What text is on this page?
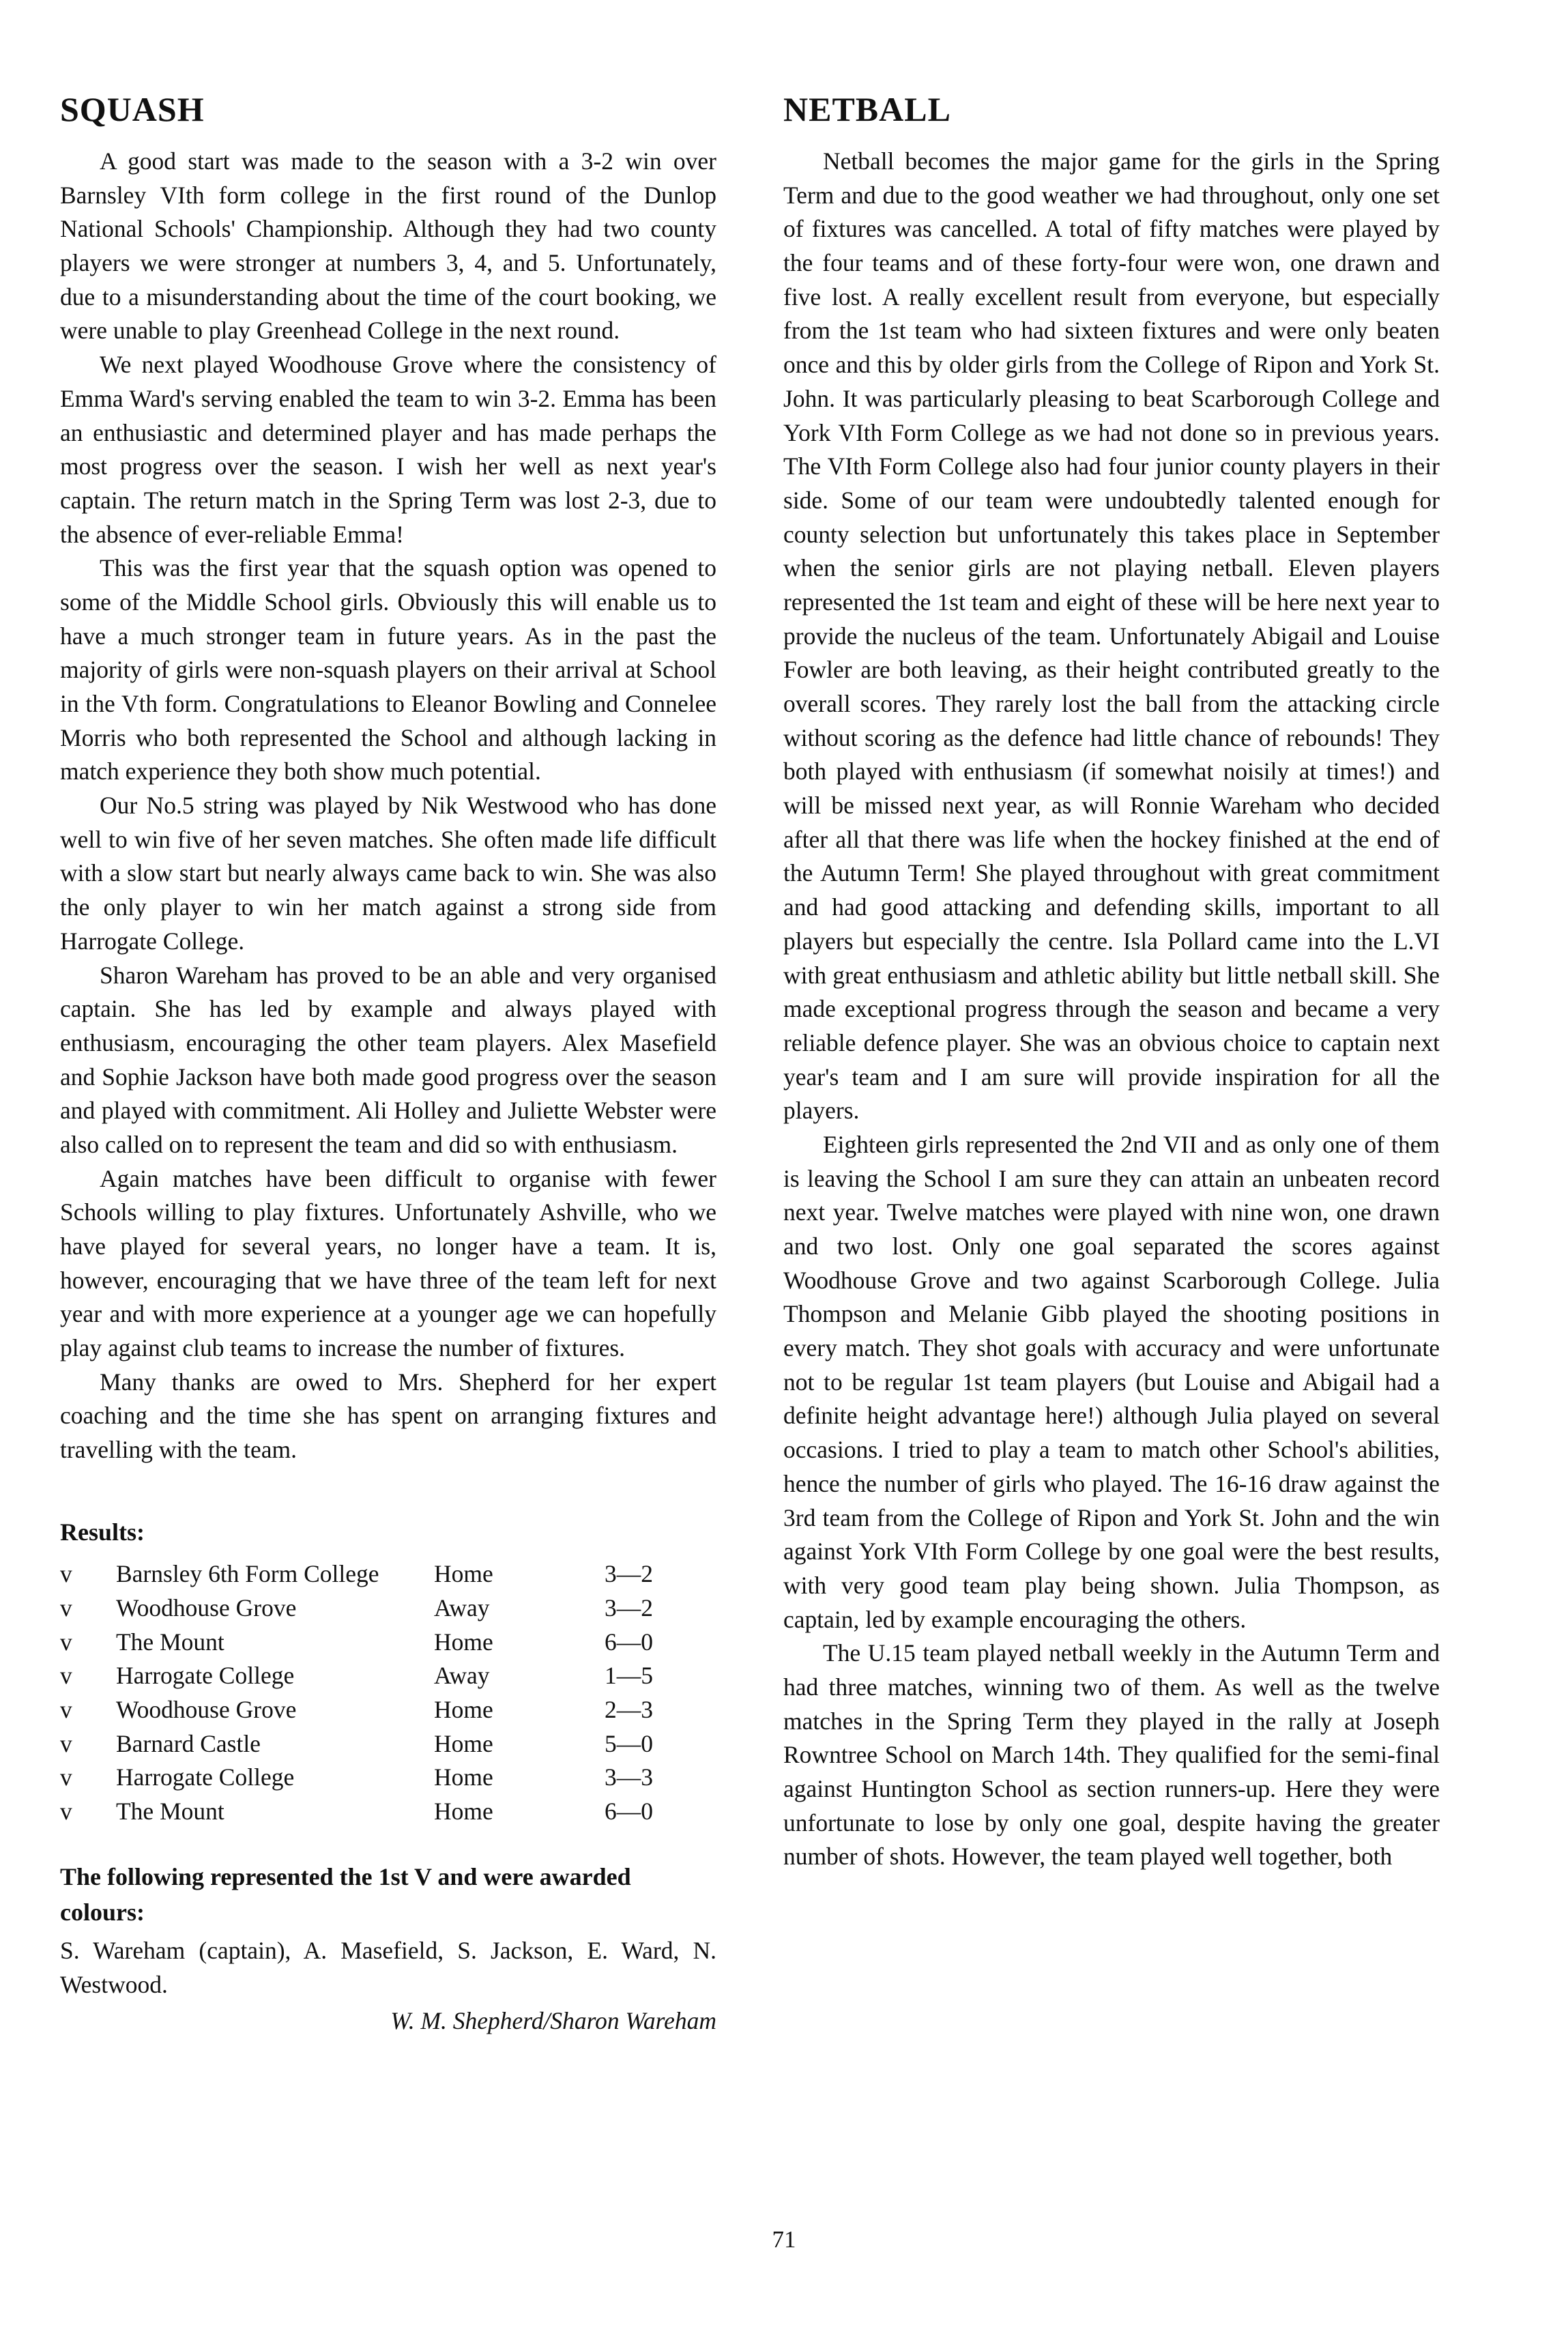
SQUASH

A good start was made to the season with a 3-2 win over Barnsley VIth form college in the first round of the Dunlop National Schools' Championship. Although they had two county players we were stronger at numbers 3, 4, and 5. Unfortunately, due to a misunderstanding about the time of the court booking, we were unable to play Greenhead College in the next round.

We next played Woodhouse Grove where the consistency of Emma Ward's serving enabled the team to win 3-2. Emma has been an enthusiastic and determined player and has made perhaps the most progress over the season. I wish her well as next year's captain. The return match in the Spring Term was lost 2-3, due to the absence of ever-reliable Emma!

This was the first year that the squash option was opened to some of the Middle School girls. Obviously this will enable us to have a much stronger team in future years. As in the past the majority of girls were non-squash players on their arrival at School in the Vth form. Congratulations to Eleanor Bowling and Connelee Morris who both represented the School and although lacking in match experience they both show much potential.

Our No.5 string was played by Nik Westwood who has done well to win five of her seven matches. She often made life difficult with a slow start but nearly always came back to win. She was also the only player to win her match against a strong side from Harrogate College.

Sharon Wareham has proved to be an able and very organised captain. She has led by example and always played with enthusiasm, encouraging the other team players. Alex Masefield and Sophie Jackson have both made good progress over the season and played with commitment. Ali Holley and Juliette Webster were also called on to represent the team and did so with enthusiasm.

Again matches have been difficult to organise with fewer Schools willing to play fixtures. Unfortunately Ashville, who we have played for several years, no longer have a team. It is, however, encouraging that we have three of the team left for next year and with more experience at a younger age we can hopefully play against club teams to increase the number of fixtures.

Many thanks are owed to Mrs. Shepherd for her expert coaching and the time she has spent on arranging fixtures and travelling with the team.

Results:
v	Barnsley 6th Form College	Home	3—2
v	Woodhouse Grove	Away	3—2
v	The Mount	Home	6—0
v	Harrogate College	Away	1—5
v	Woodhouse Grove	Home	2—3
v	Barnard Castle	Home	5—0
v	Harrogate College	Home	3—3
v	The Mount	Home	6—0
The following represented the 1st V and were awarded colours:
S. Wareham (captain), A. Masefield, S. Jackson, E. Ward, N. Westwood.
W. M. Shepherd/Sharon Wareham
NETBALL

Netball becomes the major game for the girls in the Spring Term and due to the good weather we had throughout, only one set of fixtures was cancelled. A total of fifty matches were played by the four teams and of these forty-four were won, one drawn and five lost. A really excellent result from everyone, but especially from the 1st team who had sixteen fixtures and were only beaten once and this by older girls from the College of Ripon and York St. John. It was particularly pleasing to beat Scarborough College and York VIth Form College as we had not done so in previous years. The VIth Form College also had four junior county players in their side. Some of our team were undoubtedly talented enough for county selection but unfortunately this takes place in September when the senior girls are not playing netball. Eleven players represented the 1st team and eight of these will be here next year to provide the nucleus of the team. Unfortunately Abigail and Louise Fowler are both leaving, as their height contributed greatly to the overall scores. They rarely lost the ball from the attacking circle without scoring as the defence had little chance of rebounds! They both played with enthusiasm (if somewhat noisily at times!) and will be missed next year, as will Ronnie Wareham who decided after all that there was life when the hockey finished at the end of the Autumn Term! She played throughout with great commitment and had good attacking and defending skills, important to all players but especially the centre. Isla Pollard came into the L.VI with great enthusiasm and athletic ability but little netball skill. She made exceptional progress through the season and became a very reliable defence player. She was an obvious choice to captain next year's team and I am sure will provide inspiration for all the players.

Eighteen girls represented the 2nd VII and as only one of them is leaving the School I am sure they can attain an unbeaten record next year. Twelve matches were played with nine won, one drawn and two lost. Only one goal separated the scores against Woodhouse Grove and two against Scarborough College. Julia Thompson and Melanie Gibb played the shooting positions in every match. They shot goals with accuracy and were unfortunate not to be regular 1st team players (but Louise and Abigail had a definite height advantage here!) although Julia played on several occasions. I tried to play a team to match other School's abilities, hence the number of girls who played. The 16-16 draw against the 3rd team from the College of Ripon and York St. John and the win against York VIth Form College by one goal were the best results, with very good team play being shown. Julia Thompson, as captain, led by example encouraging the others.

The U.15 team played netball weekly in the Autumn Term and had three matches, winning two of them. As well as the twelve matches in the Spring Term they played in the rally at Joseph Rowntree School on March 14th. They qualified for the semi-final against Huntington School as section runners-up. Here they were unfortunate to lose by only one goal, despite having the greater number of shots. However, the team played well together, both

71
